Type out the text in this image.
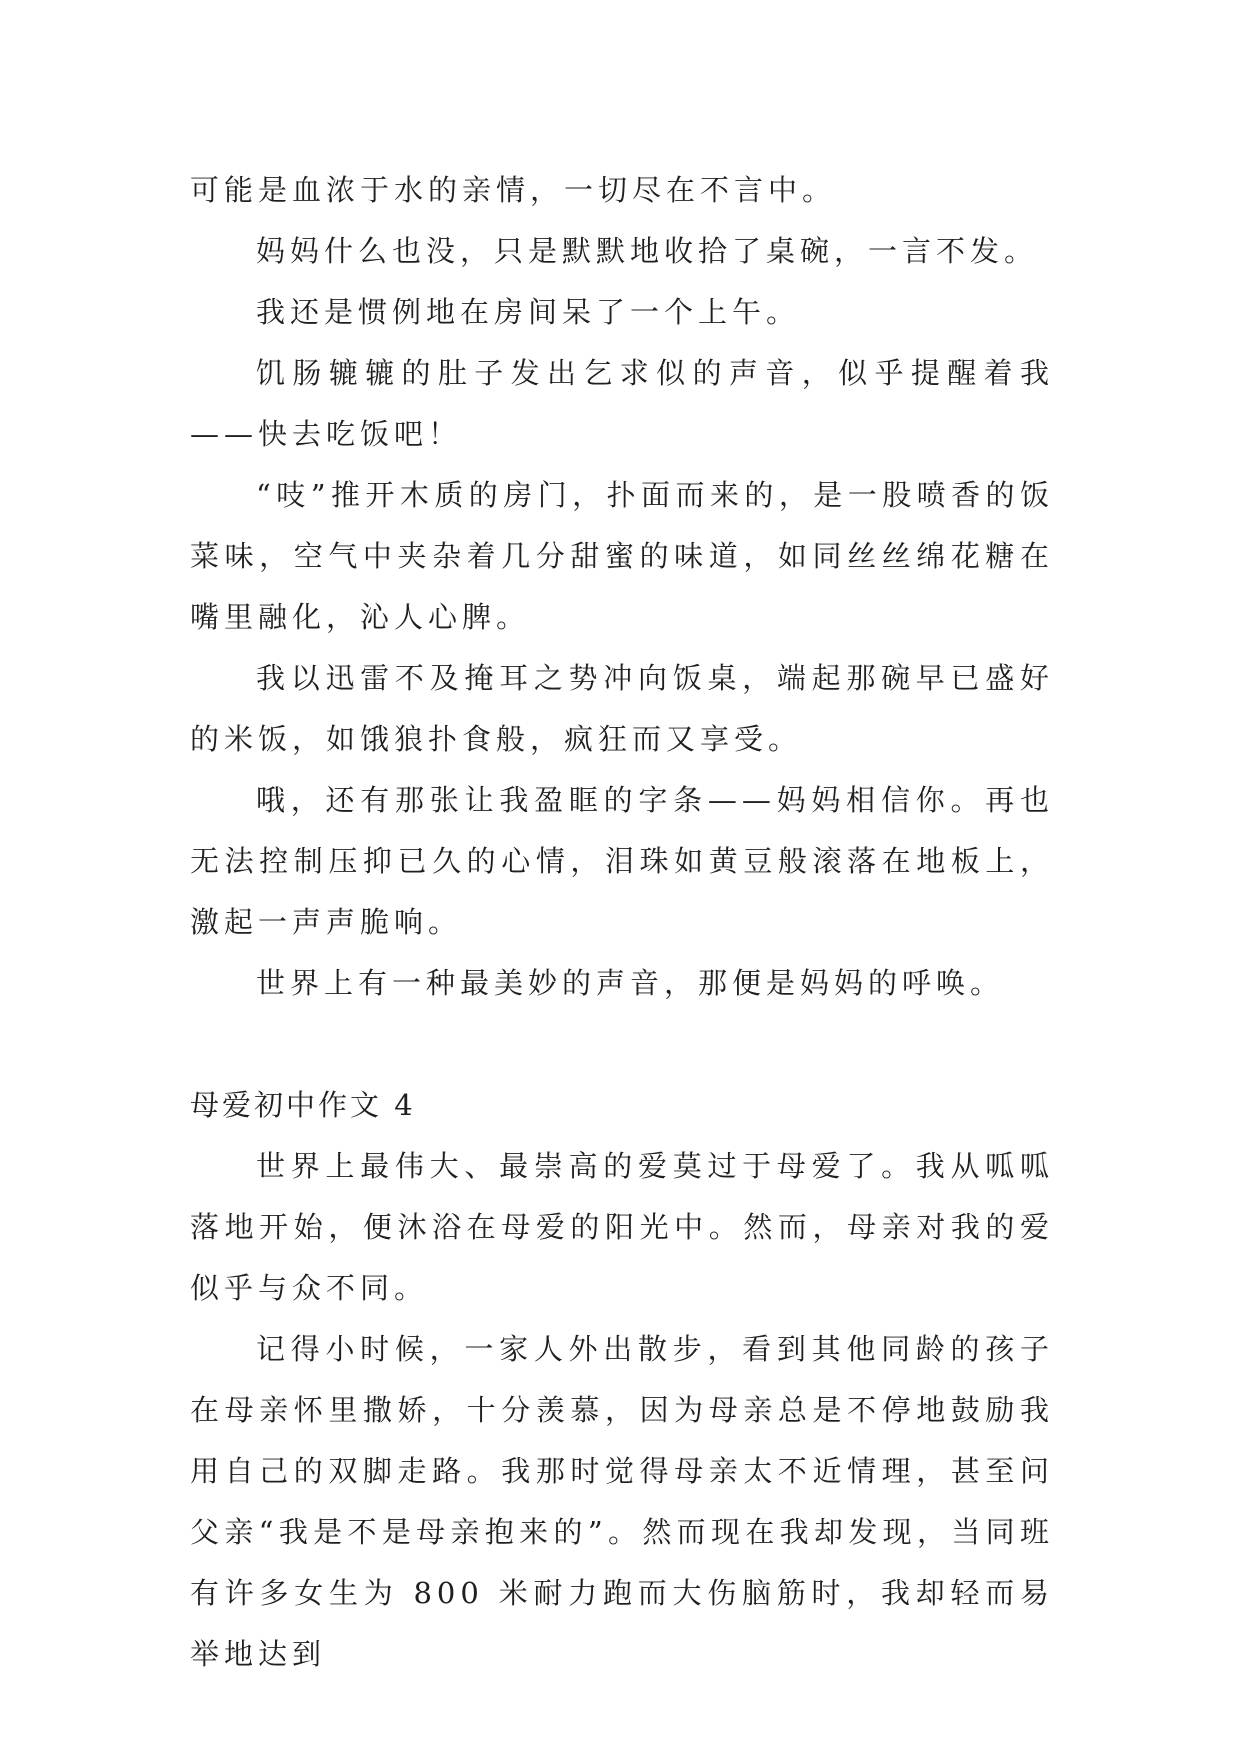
可能是血浓于水的亲情，一切尽在不言中。

妈妈什么也没，只是默默地收拾了桌碗，一言不发。

我还是惯例地在房间呆了一个上午。

饥肠辘辘的肚子发出乞求似的声音，似乎提醒着我——快去吃饭吧！

“吱”推开木质的房门，扑面而来的，是一股喷香的饭菜味，空气中夹杂着几分甜蜜的味道，如同丝丝绵花糖在嘴里融化，沁人心脾。

我以迅雷不及掩耳之势冲向饭桌，端起那碗早已盛好的米饭，如饿狼扑食般，疯狂而又享受。

哦，还有那张让我盈眶的字条——妈妈相信你。再也无法控制压抑已久的心情，泪珠如黄豆般滚落在地板上，激起一声声脆响。

世界上有一种最美妙的声音，那便是妈妈的呼唤。

母爱初中作文 4

世界上最伟大、最崇高的爱莫过于母爱了。我从呱呱落地开始，便沐浴在母爱的阳光中。然而，母亲对我的爱似乎与众不同。

记得小时候，一家人外出散步，看到其他同龄的孩子在母亲怀里撒娇，十分羡慕，因为母亲总是不停地鼓励我用自己的双脚走路。我那时觉得母亲太不近情理，甚至问父亲“我是不是母亲抱来的”。然而现在我却发现，当同班有许多女生为 800 米耐力跑而大伤脑筋时，我却轻而易举地达到
